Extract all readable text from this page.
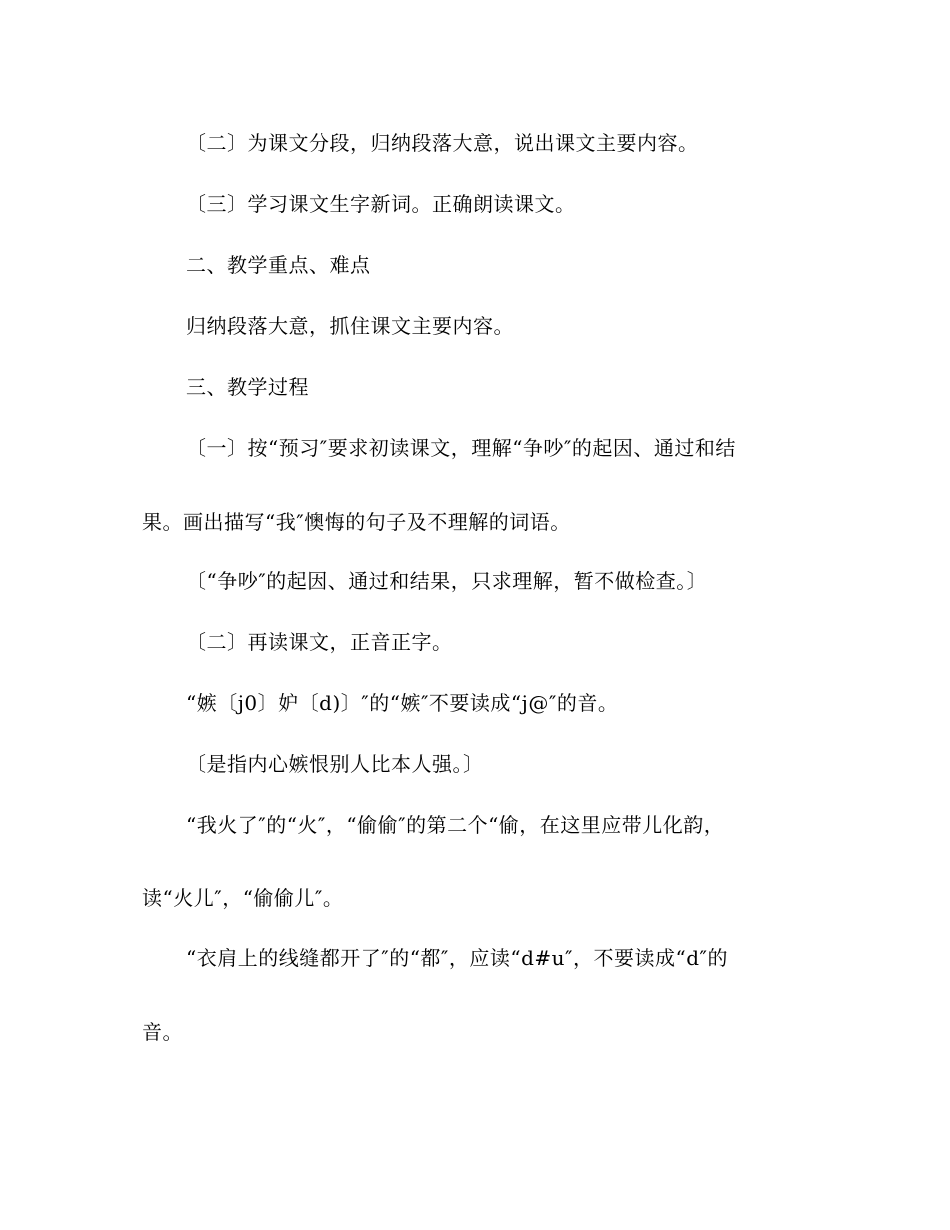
〔二〕为课文分段，归纳段落大意，说出课文主要内容。
〔三〕学习课文生字新词。正确朗读课文。
二、教学重点、难点
归纳段落大意，抓住课文主要内容。
三、教学过程
〔一〕按“预习″要求初读课文，理解“争吵″的起因、通过和结
果。画出描写“我″懊悔的句子及不理解的词语。
〔“争吵″的起因、通过和结果，只求理解，暂不做检查。〕
〔二〕再读课文，正音正字。
“嫉〔j0〕妒〔d)〕″的“嫉″不要读成“j@″的音。
〔是指内心嫉恨别人比本人强。〕
“我火了″的“火″，“偷偷″的第二个“偷，在这里应带儿化韵，
读“火儿″，“偷偷儿″。
“衣肩上的线缝都开了″的“都″，应读“d#u″，不要读成“d″的
音。
